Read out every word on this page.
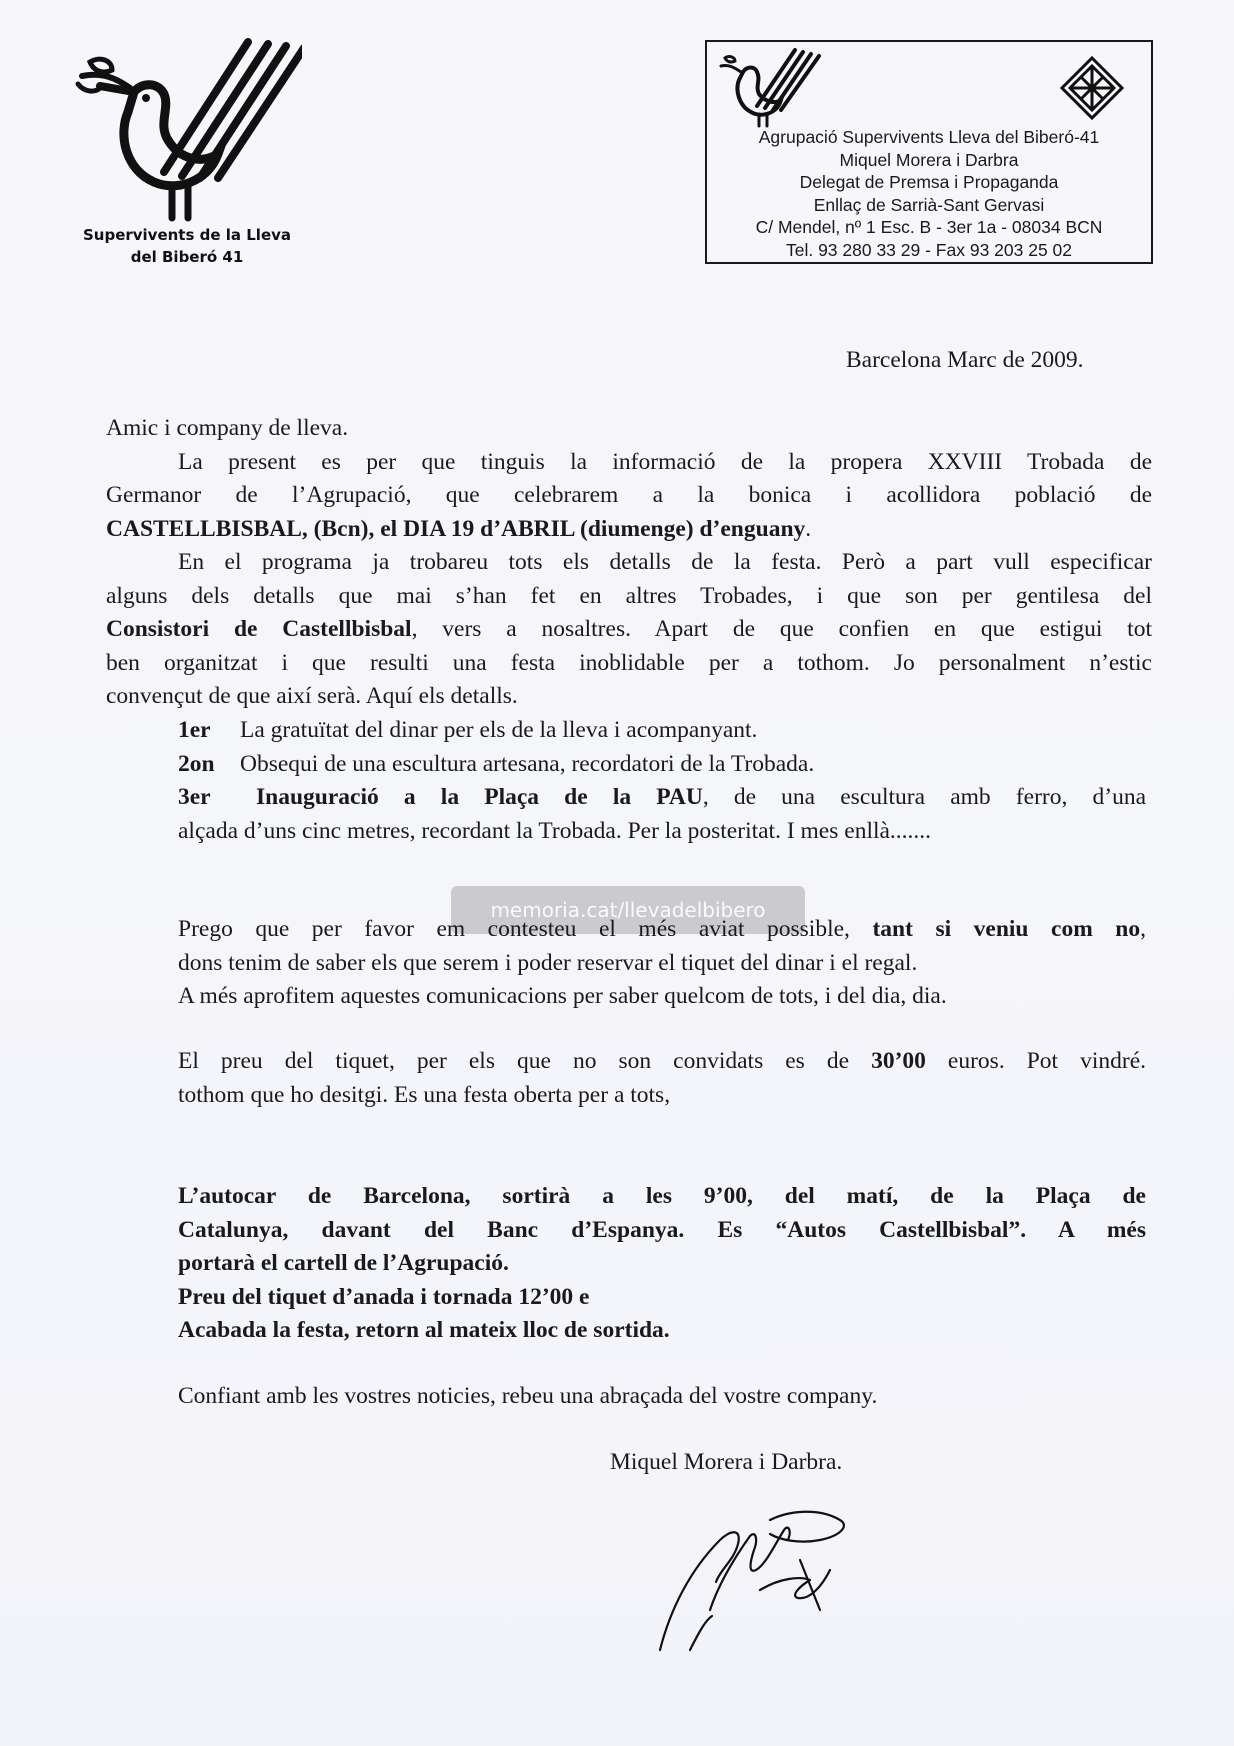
Supervivents de la Lleva
del Biberó 41
Agrupació Supervivents Lleva del Biberó-41
Miquel Morera i Darbra
Delegat de Premsa i Propaganda
Enllaç de Sarrià-Sant Gervasi
C/ Mendel, nº 1 Esc. B - 3er 1a - 08034 BCN
Tel. 93 280 33 29 - Fax 93 203 25 02
Barcelona Marc de 2009.
Amic i company de lleva.
La present es per que tinguis la informació de la propera XXVIII Trobada de
Germanor de l’Agrupació, que celebrarem a la bonica i acollidora població de
CASTELLBISBAL, (Bcn), el DIA 19 d’ABRIL (diumenge) d’enguany.
En el programa ja trobareu tots els detalls de la festa. Però a part vull especificar
alguns dels detalls que mai s’han fet en altres Trobades, i que son per gentilesa del
Consistori de Castellbisbal, vers a nosaltres. Apart de que confien en que estigui tot
ben organitzat i que resulti una festa inoblidable per a tothom. Jo personalment n’estic
convençut de que així serà. Aquí els detalls.
1er La gratuïtat del dinar per els de la lleva i acompanyant.
2on Obsequi de una escultura artesana, recordatori de la Trobada.
3er Inauguració a la Plaça de la PAU, de una escultura amb ferro, d’una
alçada d’uns cinc metres, recordant la Trobada. Per la posteritat. I mes enllà.......
memoria.cat/llevadelbibero
Prego que per favor em contesteu el més aviat possible, tant si veniu com no,
dons tenim de saber els que serem i poder reservar el tiquet del dinar i el regal.
A més aprofitem aquestes comunicacions per saber quelcom de tots, i del dia, dia.
El preu del tiquet, per els que no son convidats es de 30’00 euros. Pot vindré.
tothom que ho desitgi. Es una festa oberta per a tots,
L’autocar de Barcelona, sortirà a les 9’00, del matí, de la Plaça de
Catalunya, davant del Banc d’Espanya. Es “Autos Castellbisbal”. A més
portarà el cartell de l’Agrupació.
Preu del tiquet d’anada i tornada 12’00 e
Acabada la festa, retorn al mateix lloc de sortida.
Confiant amb les vostres noticies, rebeu una abraçada del vostre company.
Miquel Morera i Darbra.
